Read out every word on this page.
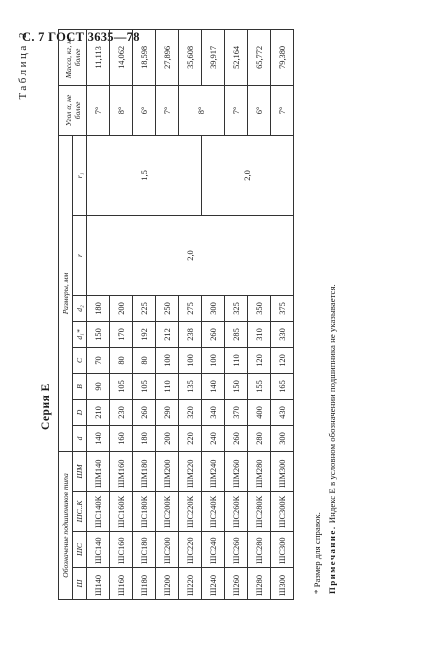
С. 7 ГОСТ 3635—78
Таблица 2
Серия Е
Обозначение подшипников типа				Размеры, мм								Угол α, не более	Масса, кг, не более
Ш	ШС	ШС..К	ШМ	d	D	B	C	d₁*	d₂	r	r₁		

Ш140	ШС140	ШС140К	ШМ140	140	210	90	70	150	180	2,0	1,5	7°	11,113
Ш160	ШС160	ШС160К	ШМ160	160	230	105	80	170	200			8°	14,062
Ш180	ШС180	ШС180К	ШМ180	180	260	105	80	192	225			6°	18,598
Ш200	ШС200	ШС200К	ШМ200	200	290	110	100	212	250			7°	27,896
Ш220	ШС220	ШС220К	ШМ220	220	320	135	100	238	275			8°	35,608
Ш240	ШС240	ШС240К	ШМ240	240	340	140	100	260	300		2,0		39,917
Ш260	ШС260	ШС260К	ШМ260	260	370	150	110	285	325			7°	52,164
Ш280	ШС280	ШС280К	ШМ280	280	400	155	120	310	350			6°	65,772
Ш300	ШС300	ШС300К	ШМ300	300	430	165	120	330	375			7°	79,380
* Размер для справок. Примечание. Индекс Е в условном обозначении подшипника не указывается.
